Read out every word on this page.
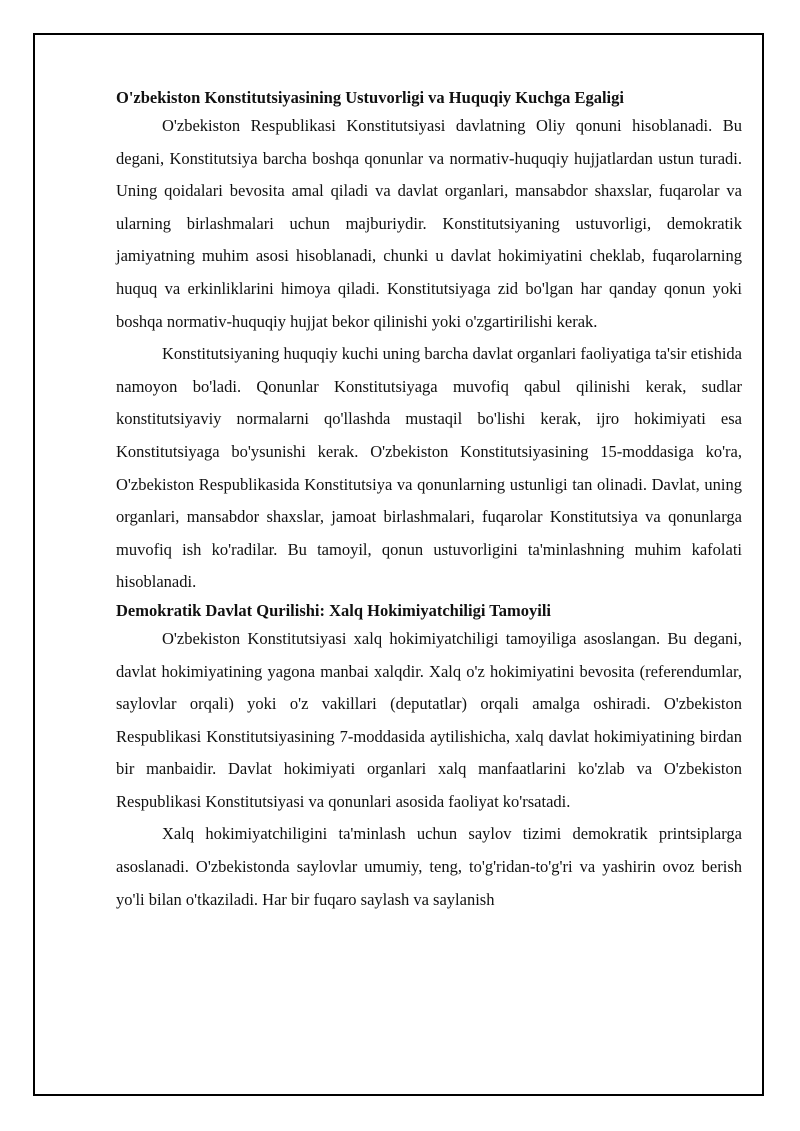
O'zbekiston Konstitutsiyasining Ustuvorligi va Huquqiy Kuchga Egaligi

O'zbekiston Respublikasi Konstitutsiyasi davlatning Oliy qonuni hisoblanadi. Bu degani, Konstitutsiya barcha boshqa qonunlar va normativ-huquqiy hujjatlardan ustun turadi. Uning qoidalari bevosita amal qiladi va davlat organlari, mansabdor shaxslar, fuqarolar va ularning birlashmalari uchun majburiydir. Konstitutsiyaning ustuvorligi, demokratik jamiyatning muhim asosi hisoblanadi, chunki u davlat hokimiyatini cheklab, fuqarolarning huquq va erkinliklarini himoya qiladi. Konstitutsiyaga zid bo'lgan har qanday qonun yoki boshqa normativ-huquqiy hujjat bekor qilinishi yoki o'zgartirilishi kerak.

Konstitutsiyaning huquqiy kuchi uning barcha davlat organlari faoliyatiga ta'sir etishida namoyon bo'ladi. Qonunlar Konstitutsiyaga muvofiq qabul qilinishi kerak, sudlar konstitutsiyaviy normalarni qo'llashda mustaqil bo'lishi kerak, ijro hokimiyati esa Konstitutsiyaga bo'ysunishi kerak. O'zbekiston Konstitutsiyasining 15-moddasiga ko'ra, O'zbekiston Respublikasida Konstitutsiya va qonunlarning ustunligi tan olinadi. Davlat, uning organlari, mansabdor shaxslar, jamoat birlashmalari, fuqarolar Konstitutsiya va qonunlarga muvofiq ish ko'radilar. Bu tamoyil, qonun ustuvorligini ta'minlashning muhim kafolati hisoblanadi.

Demokratik Davlat Qurilishi: Xalq Hokimiyatchiligi Tamoyili

O'zbekiston Konstitutsiyasi xalq hokimiyatchiligi tamoyiliga asoslangan. Bu degani, davlat hokimiyatining yagona manbai xalqdir. Xalq o'z hokimiyatini bevosita (referendumlar, saylovlar orqali) yoki o'z vakillari (deputatlar) orqali amalga oshiradi. O'zbekiston Respublikasi Konstitutsiyasining 7-moddasida aytilishicha, xalq davlat hokimiyatining birdan bir manbaidir. Davlat hokimiyati organlari xalq manfaatlarini ko'zlab va O'zbekiston Respublikasi Konstitutsiyasi va qonunlari asosida faoliyat ko'rsatadi.

Xalq hokimiyatchiligini ta'minlash uchun saylov tizimi demokratik printsiplarga asoslanadi. O'zbekistonda saylovlar umumiy, teng, to'g'ridan-to'g'ri va yashirin ovoz berish yo'li bilan o'tkaziladi. Har bir fuqaro saylash va saylanish
